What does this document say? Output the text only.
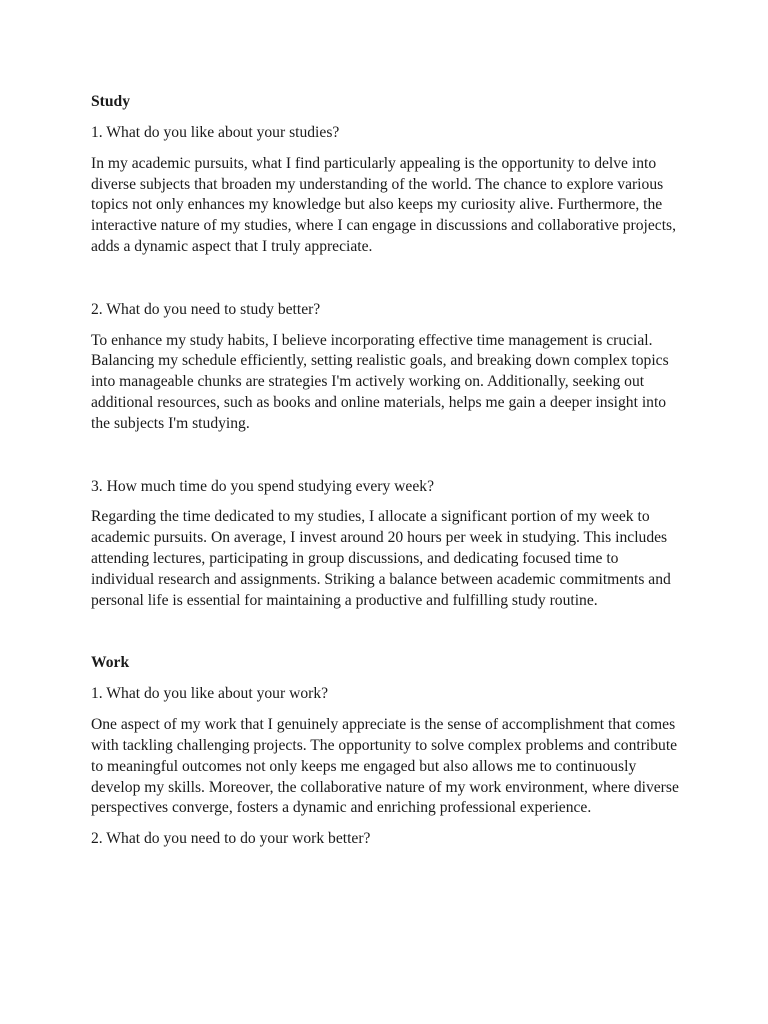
Study
1. What do you like about your studies?
In my academic pursuits, what I find particularly appealing is the opportunity to delve into diverse subjects that broaden my understanding of the world. The chance to explore various topics not only enhances my knowledge but also keeps my curiosity alive. Furthermore, the interactive nature of my studies, where I can engage in discussions and collaborative projects, adds a dynamic aspect that I truly appreciate.
2. What do you need to study better?
To enhance my study habits, I believe incorporating effective time management is crucial. Balancing my schedule efficiently, setting realistic goals, and breaking down complex topics into manageable chunks are strategies I'm actively working on. Additionally, seeking out additional resources, such as books and online materials, helps me gain a deeper insight into the subjects I'm studying.
3. How much time do you spend studying every week?
Regarding the time dedicated to my studies, I allocate a significant portion of my week to academic pursuits. On average, I invest around 20 hours per week in studying. This includes attending lectures, participating in group discussions, and dedicating focused time to individual research and assignments. Striking a balance between academic commitments and personal life is essential for maintaining a productive and fulfilling study routine.
Work
1. What do you like about your work?
One aspect of my work that I genuinely appreciate is the sense of accomplishment that comes with tackling challenging projects. The opportunity to solve complex problems and contribute to meaningful outcomes not only keeps me engaged but also allows me to continuously develop my skills. Moreover, the collaborative nature of my work environment, where diverse perspectives converge, fosters a dynamic and enriching professional experience.
2. What do you need to do your work better?
